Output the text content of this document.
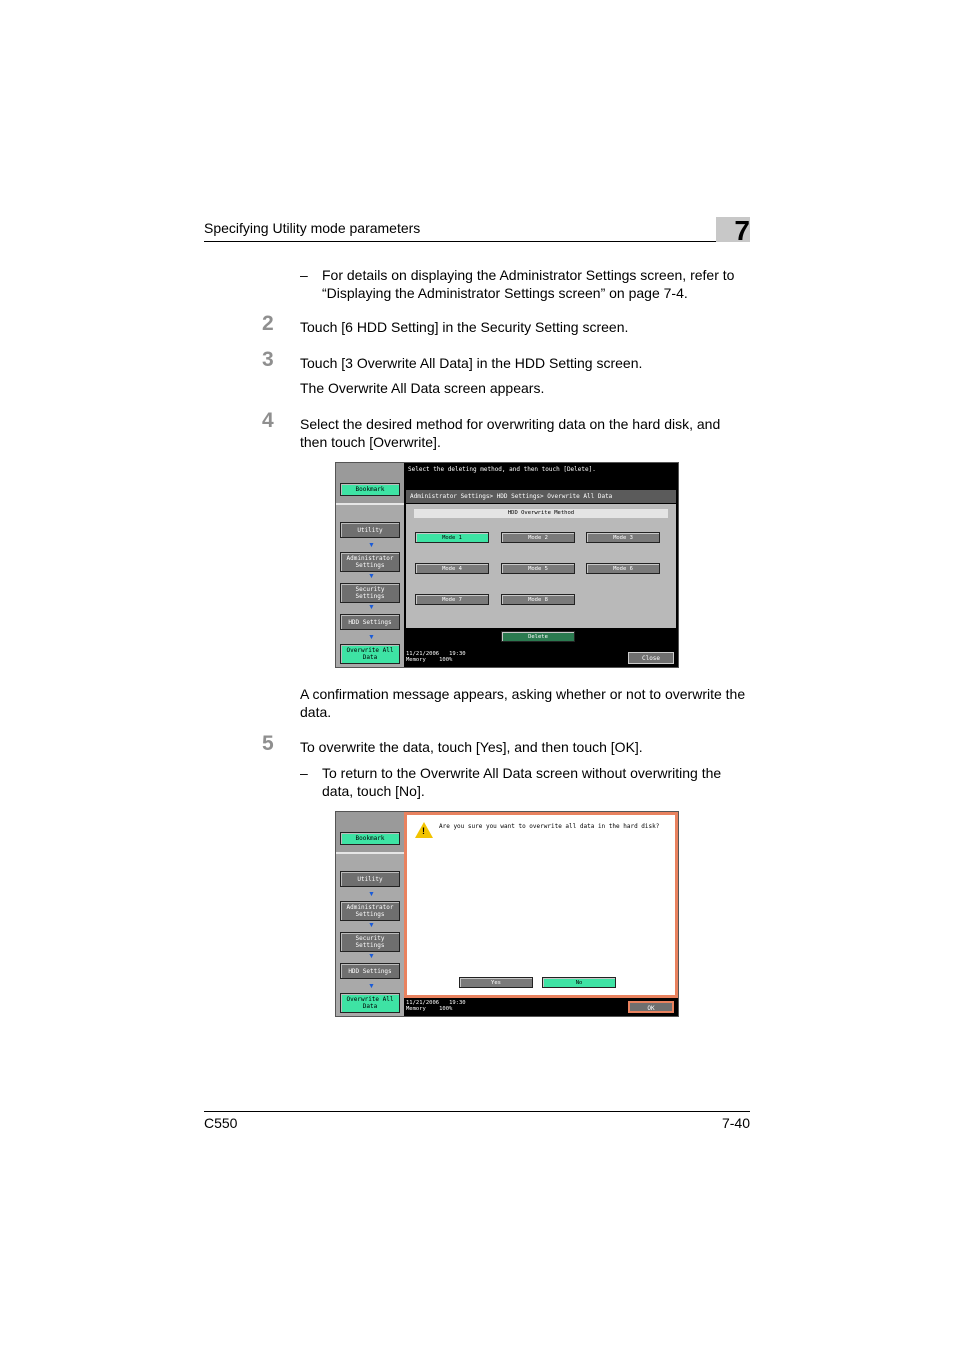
Specifying Utility mode parameters	7
– For details on displaying the Administrator Settings screen, refer to “Displaying the Administrator Settings screen” on page 7-4.
2 Touch [6 HDD Setting] in the Security Setting screen.
3 Touch [3 Overwrite All Data] in the HDD Setting screen.
The Overwrite All Data screen appears.
4 Select the desired method for overwriting data on the hard disk, and then touch [Overwrite].
Bookmark
Utility
▼
Administrator Settings
▼
Security Settings
▼
HDD Settings
▼
Overwrite All Data
Select the deleting method, and then touch [Delete].
Administrator Settings> HDD Settings> Overwrite All Data
HDD Overwrite Method
Mode 1	Mode 2	Mode 3
Mode 4	Mode 5	Mode 6
Mode 7	Mode 8
Delete
11/21/2006 19:30
Memory 100%	Close
A confirmation message appears, asking whether or not to overwrite the data.
5 To overwrite the data, touch [Yes], and then touch [OK].
– To return to the Overwrite All Data screen without overwriting the data, touch [No].
Bookmark
Utility
▼
Administrator Settings
▼
Security Settings
▼
HDD Settings
▼
Overwrite All Data
! Are you sure you want to overwrite all data in the hard disk?
Yes	No
11/21/2006 19:30
Memory 100%	OK
C550	7-40
